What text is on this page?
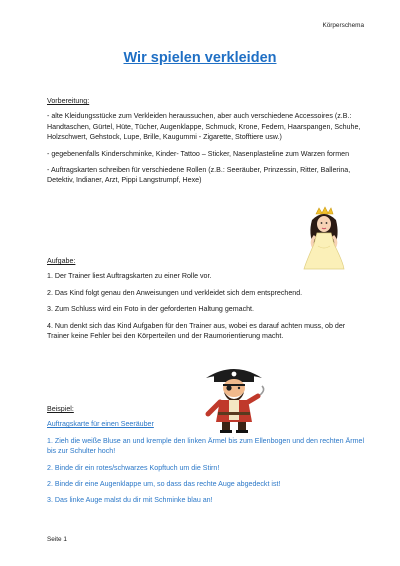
Körperschema
Wir spielen verkleiden

Vorbereitung:

- alte Kleidungsstücke zum Verkleiden heraussuchen, aber auch verschiedene Accessoires (z.B.: Handtaschen, Gürtel, Hüte, Tücher, Augenklappe, Schmuck, Krone, Federn, Haarspangen, Schuhe, Holzschwert, Gehstock, Lupe, Brille, Kaugummi - Zigarette, Stofftiere usw.)

- gegebenenfalls Kinderschminke, Kinder- Tattoo – Sticker, Nasenplasteline zum Warzen formen

- Auftragskarten schreiben für verschiedene Rollen (z.B.: Seeräuber, Prinzessin, Ritter, Ballerina, Detektiv, Indianer, Arzt, Pippi Langstrumpf, Hexe)

Aufgabe:

1. Der Trainer liest Auftragskarten zu einer Rolle vor.

2. Das Kind folgt genau den Anweisungen und verkleidet sich dem entsprechend.

3. Zum Schluss wird ein Foto in der geforderten Haltung gemacht.

4. Nun denkt sich das Kind Aufgaben für den Trainer aus, wobei es darauf achten muss, ob der Trainer keine Fehler bei den Körperteilen und der Raumorientierung macht.

Beispiel:

Auftragskarte für einen Seeräuber

1. Zieh die weiße Bluse an und kremple den linken Ärmel bis zum Ellenbogen und den rechten Ärmel bis zur Schulter hoch!

2. Binde dir ein rotes/schwarzes Kopftuch um die Stirn!

2. Binde dir eine Augenklappe um, so dass das rechte Auge abgedeckt ist!

3. Das linke Auge malst du dir mit Schminke blau an!

Seite 1
